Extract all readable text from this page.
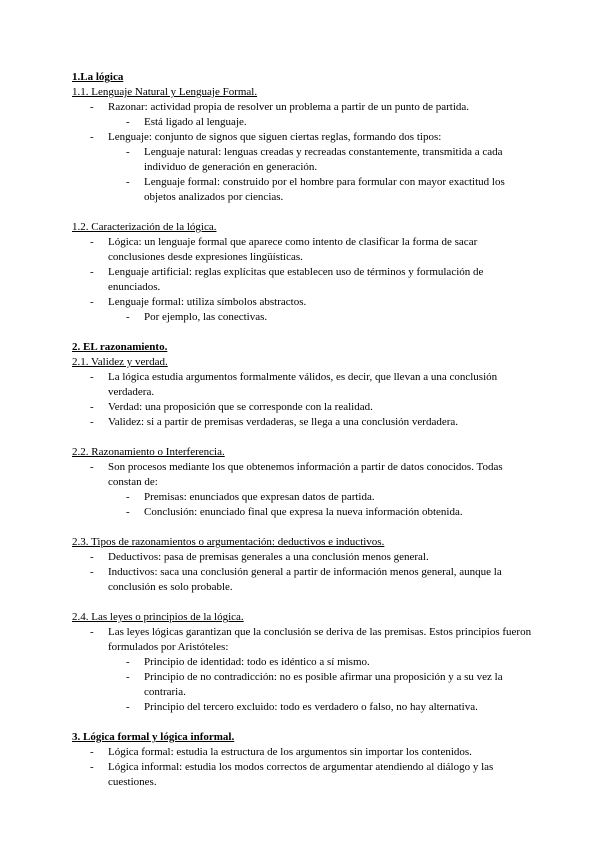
1.La lógica

1.1. Lenguaje Natural y Lenguaje Formal.

- Razonar: actividad propia de resolver un problema a partir de un punto de partida.
- Está ligado al lenguaje.
- Lenguaje: conjunto de signos que siguen ciertas reglas, formando dos tipos:
- Lenguaje natural: lenguas creadas y recreadas constantemente, transmitida a cada individuo de generación en generación.
- Lenguaje formal: construido por el hombre para formular con mayor exactitud los objetos analizados por ciencias.

1.2. Caracterización de la lógica.

- Lógica: un lenguaje formal que aparece como intento de clasificar la forma de sacar conclusiones desde expresiones lingüísticas.
- Lenguaje artificial: reglas explícitas que establecen uso de términos y formulación de enunciados.
- Lenguaje formal: utiliza símbolos abstractos.
- Por ejemplo, las conectivas.

2. EL razonamiento.

2.1. Validez y verdad.

- La lógica estudia argumentos formalmente válidos, es decir, que llevan a una conclusión verdadera.
- Verdad: una proposición que se corresponde con la realidad.
- Validez: si a partir de premisas verdaderas, se llega a una conclusión verdadera.

2.2. Razonamiento o Interferencia.

- Son procesos mediante los que obtenemos información a partir de datos conocidos. Todas constan de:
- Premisas: enunciados que expresan datos de partida.
- Conclusión: enunciado final que expresa la nueva información obtenida.

2.3. Tipos de razonamientos o argumentación: deductivos e inductivos.

- Deductivos: pasa de premisas generales a una conclusión menos general.
- Inductivos: saca una conclusión general a partir de información menos general, aunque la conclusión es solo probable.

2.4. Las leyes o principios de la lógica.

- Las leyes lógicas garantizan que la conclusión se deriva de las premisas. Estos principios fueron formulados por Aristóteles:
- Principio de identidad: todo es idéntico a sí mismo.
- Principio de no contradicción: no es posible afirmar una proposición y a su vez la contraria.
- Principio del tercero excluido: todo es verdadero o falso, no hay alternativa.

3. Lógica formal y lógica informal.

- Lógica formal: estudia la estructura de los argumentos sin importar los contenidos.
- Lógica informal: estudia los modos correctos de argumentar atendiendo al diálogo y las cuestiones.
